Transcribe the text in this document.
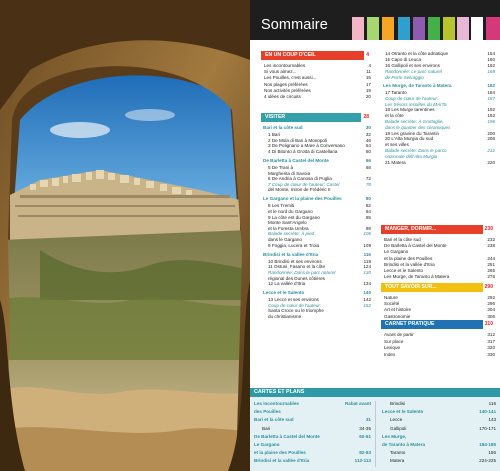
Sommaire
EN UN COUP D'CEIL	4
Les incontournables	4
Si vous aimez...	11
Les Pouilles, c'est aussi...	15
Nos plages préférées	17
Nos activités préférées	19
4 idées de circuits	20
VISITER	28
Bari et la côte sud	30
1 Bari	32
2 De Mola di Bari à Monopoli	46
3 De Polignano a Mare à Conversano	54
4 Di Bitonto à Grotta di Castellana	60
De Barletta à Castel del Monte	66
5 De Trani à	68
Margherita di Savoia
6 De Andria à Canosa di Puglia	72
7 Coup de cœur de l'auteur: Castel	78
del Monte, miroir de Frédéric II
Le Gargano et la plaine des Pouilles	80
8 Les Tremiti	82
et le nord du Gargano	84
9 La côte est du Gargano	95
Monte Sant'Angelo
et la Foresta Umbra	99
Balade secrète: À pied	106
dans le Gargano
9 Foggia, Lucera et Troia	109
Brindisi et la vallée d'Itria	116
10 Brindisi et ses environs	118
11 Ostuni, Fasano et la côte	124
Randonnée: Dans le parc naturel	130
régional des Dunes côtières
12 La vallée d'Itria	134
Lecce et le Salento	140
13 Lecce et ses environs	142
Coup de cœur de l'auteur:	152
Santa Croce ou le triomphe
du christianisme
14 Otranto et la côte adriatique	154
15 Capo di Leuca	160
16 Gallipoli et ses environs	162
Randonnée: Le parc naturel	168
de Porto Selvaggio
Les Murge, de Taranto à Matera	182
17 Taranto	184
Coup de cœur de l'auteur:	187
Les trésors insolites du MArTa
18 Les Murge tarentines	192
et la côte	192
Balade secrète: À Grottaglie,	196
dans le quartier des céramiques
19 Les gravine du Tarantin	200
20 L'Alta Murgia du sud	206
et ses villes
Balade secrète: Dans le parco	212
nazionale dell'Alta Murgia
21 Matera	220
MANGER, DORMIR...	230
Bari et la côte sud	232
De Barletta à Castel del Monte	238
Le Gargano
et la plaine des Pouilles	244
Brindisi et la vallée d'Itria	251
Lecce et le Salento	265
Les Murge, de Taranto à Matera	276
TOUT SAVOIR SUR...	290
Nature	292
Société	296
Art et histoire	304
Gastronomie	306
CARNET PRATIQUE	310
Avant de partir	312
Sur place	317
Lexique	320
Index	330
CARTES ET PLANS
Les incontournables	Rabat avant
des Pouilles
Bari et la côte sud	31
Bari	34-35
De Barletta à Castel del Monte	60-61
Le Gargano
et la plaine des Pouilles	82-83
Brindisi et la vallée d'Itria	112-113
Brindisi	116
Lecce et le Salento	140-141
Lecce	143
Gallipoli	170-171
Les Murge,
de Taranto à Matera	184-185
Taranto	186
Matera	224-225
